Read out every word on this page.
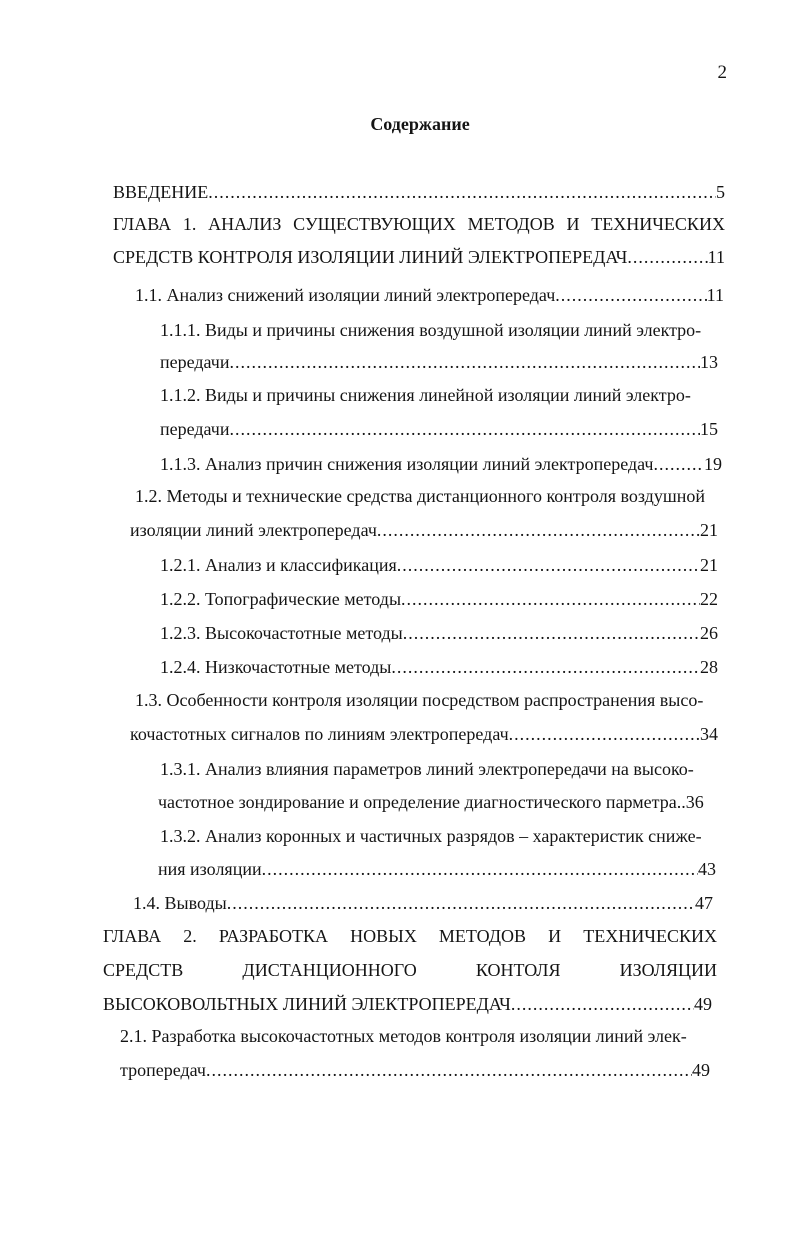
2
Содержание
ВВЕДЕНИЕ .....	5
ГЛАВА 1. АНАЛИЗ СУЩЕСТВУЮЩИХ МЕТОДОВ И ТЕХНИЧЕСКИХ
СРЕДСТВ КОНТРОЛЯ ИЗОЛЯЦИИ ЛИНИЙ ЭЛЕКТРОПЕРЕДАЧ .....	11
1.1. Анализ снижений изоляции линий электропередач .....	11
1.1.1. Виды и причины снижения воздушной изоляции линий электро-
передачи .....	13
1.1.2. Виды и причины снижения линейной изоляции линий электро-
передачи .....	15
1.1.3. Анализ причин снижения изоляции линий электропередач .....	19
1.2. Методы и технические средства дистанционного контроля воздушной
изоляции линий электропередач .....	21
1.2.1. Анализ и классификация .....	21
1.2.2. Топографические методы .....	22
1.2.3. Высокочастотные методы .....	26
1.2.4. Низкочастотные методы .....	28
1.3. Особенности контроля изоляции посредством распространения высо-
кочастотных сигналов по линиям электропередач .....	34
1.3.1. Анализ влияния параметров линий электропередачи на высоко-
частотное зондирование и определение диагностического парметра..36
1.3.2. Анализ коронных и частичных разрядов – характеристик сниже-
ния изоляции .....	43
1.4. Выводы .....	47
ГЛАВА 2. РАЗРАБОТКА НОВЫХ МЕТОДОВ И ТЕХНИЧЕСКИХ
СРЕДСТВ	ДИСТАНЦИОННОГО	КОНТОЛЯ	ИЗОЛЯЦИИ
ВЫСОКОВОЛЬТНЫХ ЛИНИЙ ЭЛЕКТРОПЕРЕДАЧ .....	49
2.1. Разработка высокочастотных методов контроля изоляции линий элек-
тропередач .....	49
